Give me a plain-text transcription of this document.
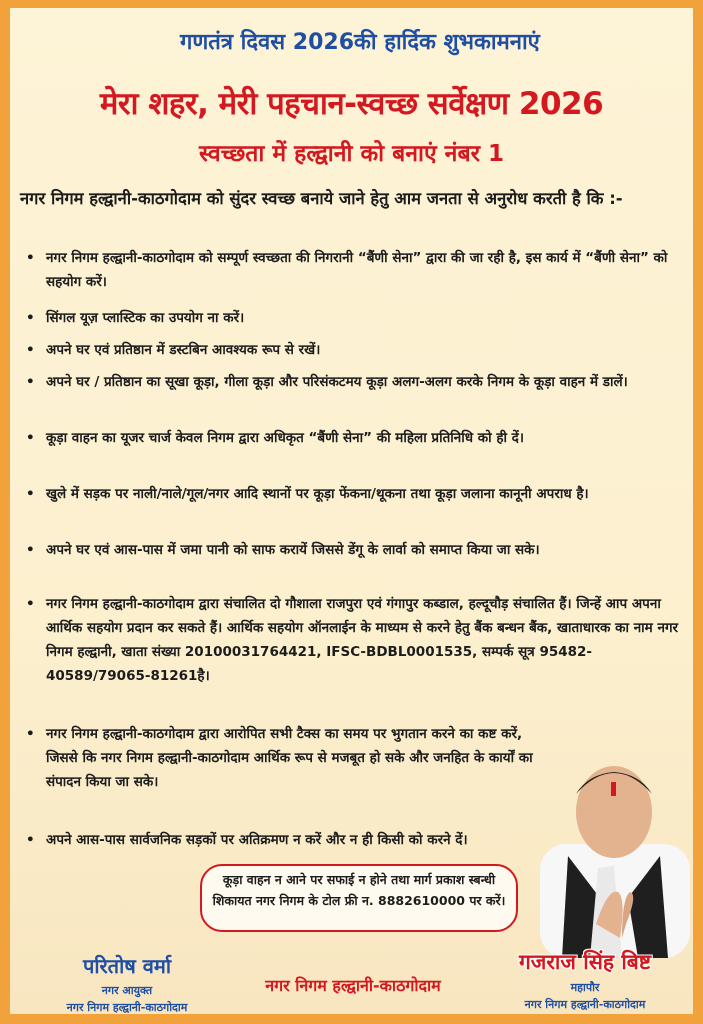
गणतंत्र दिवस 2026की हार्दिक शुभकामनाएं
मेरा शहर, मेरी पहचान-स्वच्छ सर्वेक्षण 2026
स्वच्छता में हल्द्वानी को बनाएं नंबर 1
नगर निगम हल्द्वानी-काठगोदाम को सुंदर स्वच्छ बनाये जाने हेतु आम जनता से अनुरोध करती है कि :-
• नगर निगम हल्द्वानी-काठगोदाम को सम्पूर्ण स्वच्छता की निगरानी “बैंणी सेना” द्वारा की जा रही है, इस कार्य में “बैंणी सेना” को सहयोग करें।
• सिंगल यूज़ प्लास्टिक का उपयोग ना करें।
• अपने घर एवं प्रतिष्ठान में डस्टबिन आवश्यक रूप से रखें।
• अपने घर / प्रतिष्ठान का सूखा कूड़ा, गीला कूड़ा और परिसंकटमय कूड़ा अलग-अलग करके निगम के कूड़ा वाहन में डालें।
• कूड़ा वाहन का यूजर चार्ज केवल निगम द्वारा अधिकृत “बैंणी सेना” की महिला प्रतिनिधि को ही दें।
• खुले में सड़क पर नाली/नाले/गूल/नगर आदि स्थानों पर कूड़ा फेंकना/थूकना तथा कूड़ा जलाना कानूनी अपराध है।
• अपने घर एवं आस-पास में जमा पानी को साफ करायें जिससे डेंगू के लार्वा को समाप्त किया जा सके।
• नगर निगम हल्द्वानी-काठगोदाम द्वारा संचालित दो गौशाला राजपुरा एवं गंगापुर कब्डाल, हल्दूचौड़ संचालित हैं। जिन्हें आप अपना आर्थिक सहयोग प्रदान कर सकते हैं। आर्थिक सहयोग ऑनलाईन के माध्यम से करने हेतु बैंक बन्धन बैंक, खाताधारक का नाम नगर निगम हल्द्वानी, खाता संख्या 20100031764421, IFSC-BDBL0001535, सम्पर्क सूत्र 95482-40589/79065-81261है।
• नगर निगम हल्द्वानी-काठगोदाम द्वारा आरोपित सभी टैक्स का समय पर भुगतान करने का कष्ट करें, जिससे कि नगर निगम हल्द्वानी-काठगोदाम आर्थिक रूप से मजबूत हो सके और जनहित के कार्यों का संपादन किया जा सके।
• अपने आस-पास सार्वजनिक सड़कों पर अतिक्रमण न करें और न ही किसी को करने दें।
कूड़ा वाहन न आने पर सफाई न होने तथा मार्ग प्रकाश स्बन्धी शिकायत नगर निगम के टोल फ्री न. 8882610000 पर करें।
परितोष वर्मा
नगर आयुक्त
नगर निगम हल्द्वानी-काठगोदाम
नगर निगम हल्द्वानी-काठगोदाम
गजराज सिंह बिष्ट
महापौर
नगर निगम हल्द्वानी-काठगोदाम
